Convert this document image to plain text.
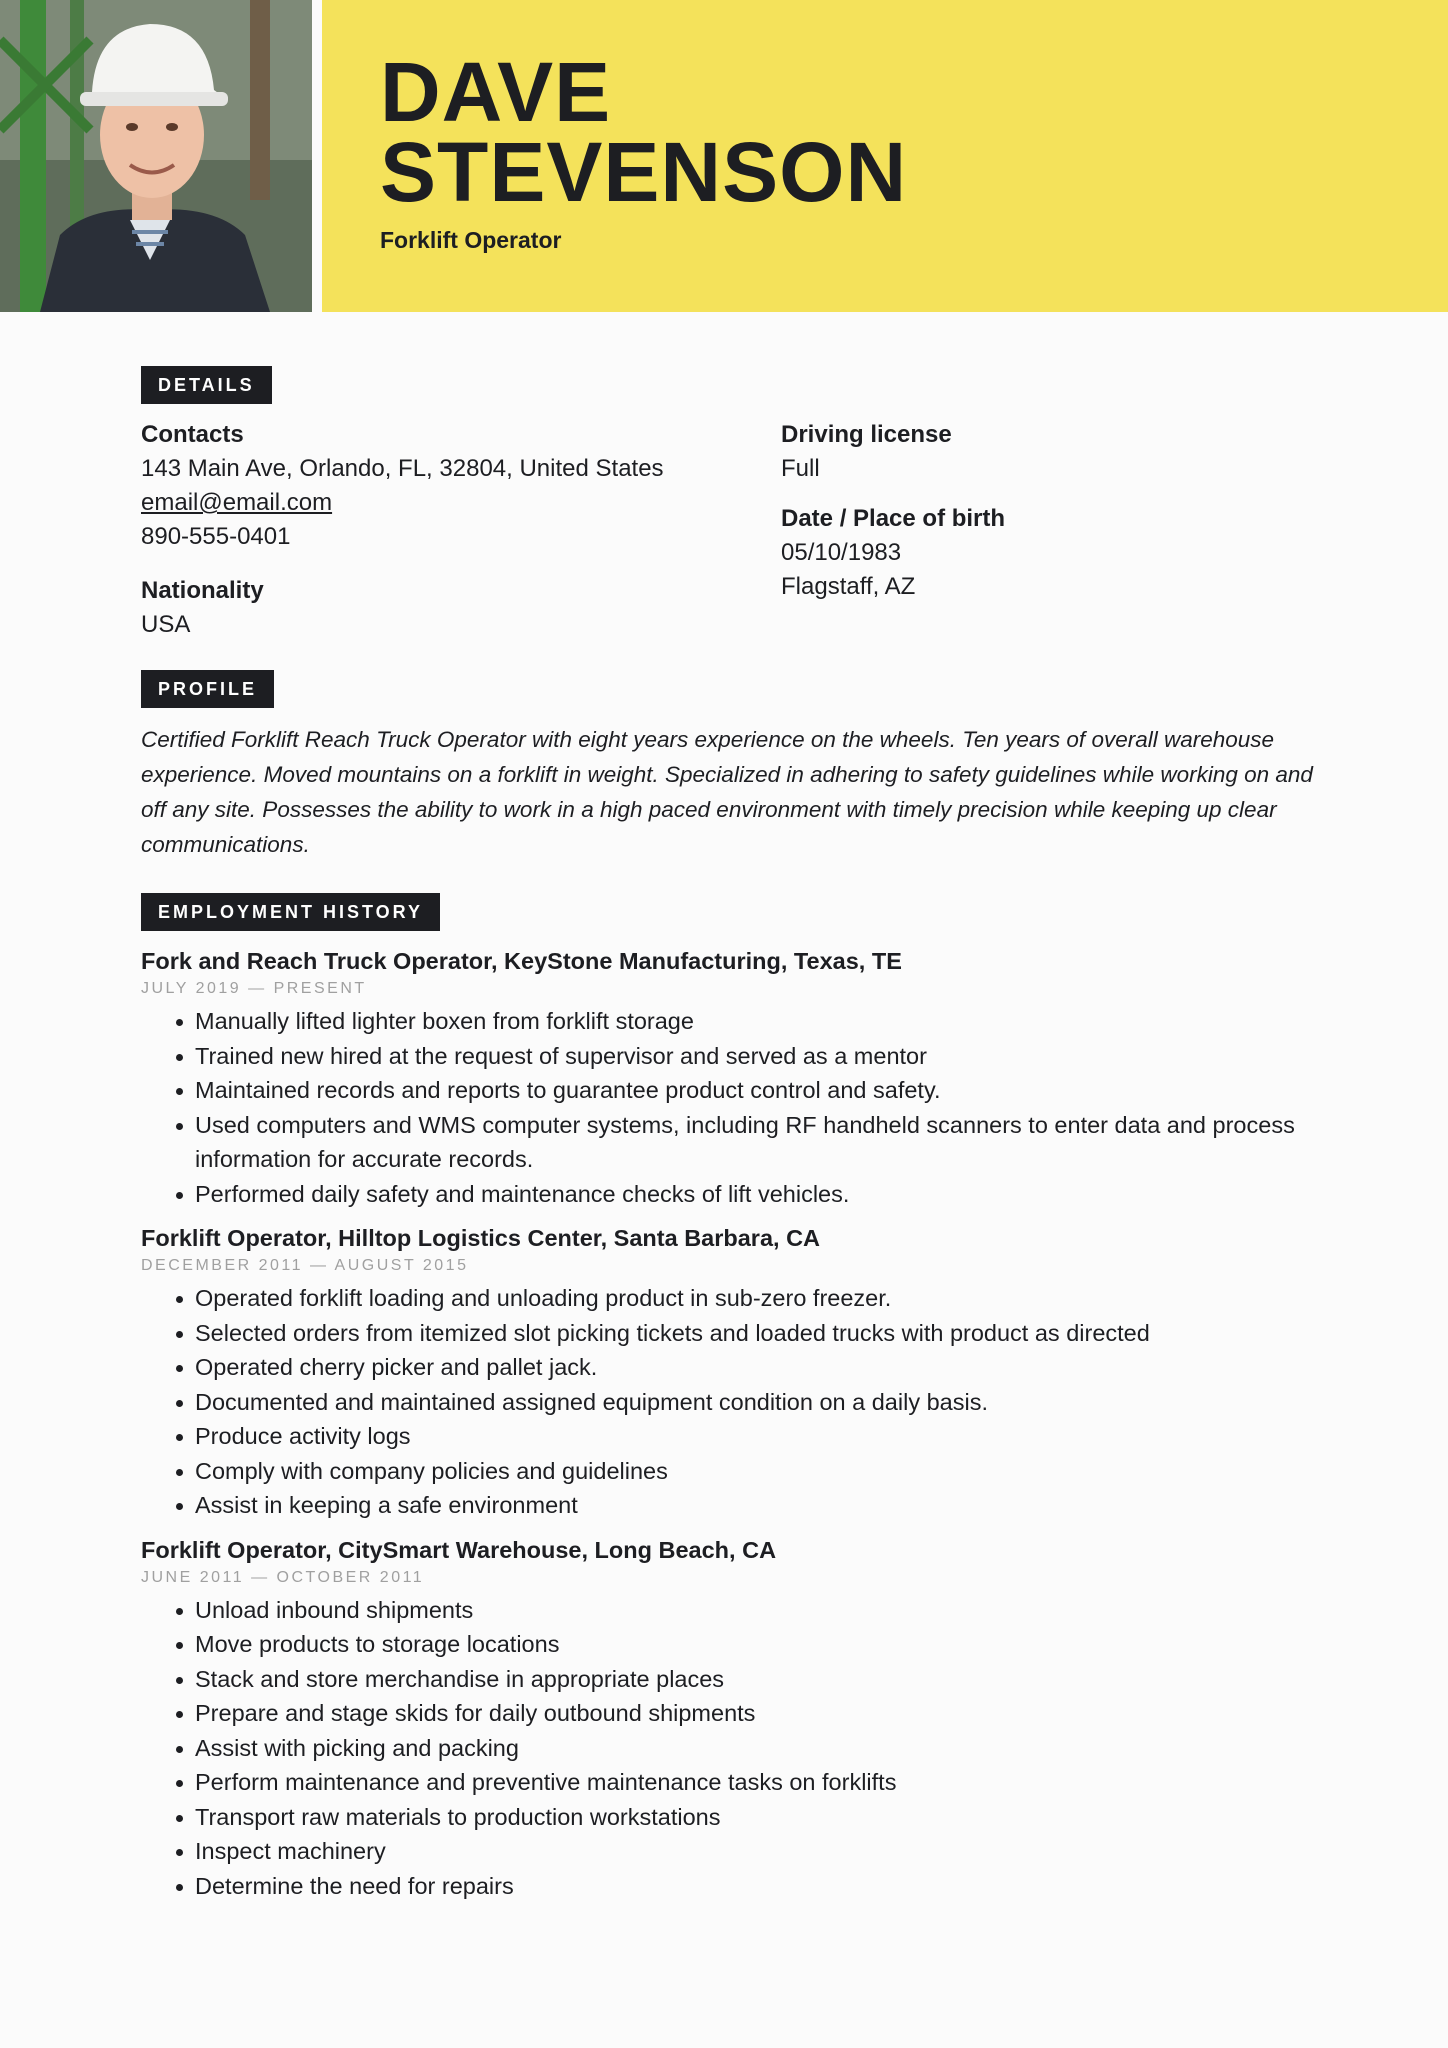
DAVE
STEVENSON
Forklift Operator
DETAILS
Contacts
143 Main Ave, Orlando, FL, 32804, United States
email@email.com
890-555-0401
Nationality
USA
Driving license
Full
Date / Place of birth
05/10/1983
Flagstaff, AZ
PROFILE

Certified Forklift Reach Truck Operator with eight years experience on the wheels. Ten years of overall warehouse experience. Moved mountains on a forklift in weight. Specialized in adhering to safety guidelines while working on and off any site. Possesses the ability to work in a high paced environment with timely precision while keeping up clear communications.

EMPLOYMENT HISTORY
Fork and Reach Truck Operator, KeyStone Manufacturing, Texas, TE
JULY 2019 — PRESENT
Manually lifted lighter boxen from forklift storage
Trained new hired at the request of supervisor and served as a mentor
Maintained records and reports to guarantee product control and safety.
Used computers and WMS computer systems, including RF handheld scanners to enter data and process information for accurate records.
Performed daily safety and maintenance checks of lift vehicles.
Forklift Operator, Hilltop Logistics Center, Santa Barbara, CA
DECEMBER 2011 — AUGUST 2015
Operated forklift loading and unloading product in sub-zero freezer.
Selected orders from itemized slot picking tickets and loaded trucks with product as directed
Operated cherry picker and pallet jack.
Documented and maintained assigned equipment condition on a daily basis.
Produce activity logs
Comply with company policies and guidelines
Assist in keeping a safe environment
Forklift Operator, CitySmart Warehouse, Long Beach, CA
JUNE 2011 — OCTOBER 2011
Unload inbound shipments
Move products to storage locations
Stack and store merchandise in appropriate places
Prepare and stage skids for daily outbound shipments
Assist with picking and packing
Perform maintenance and preventive maintenance tasks on forklifts
Transport raw materials to production workstations
Inspect machinery
Determine the need for repairs
